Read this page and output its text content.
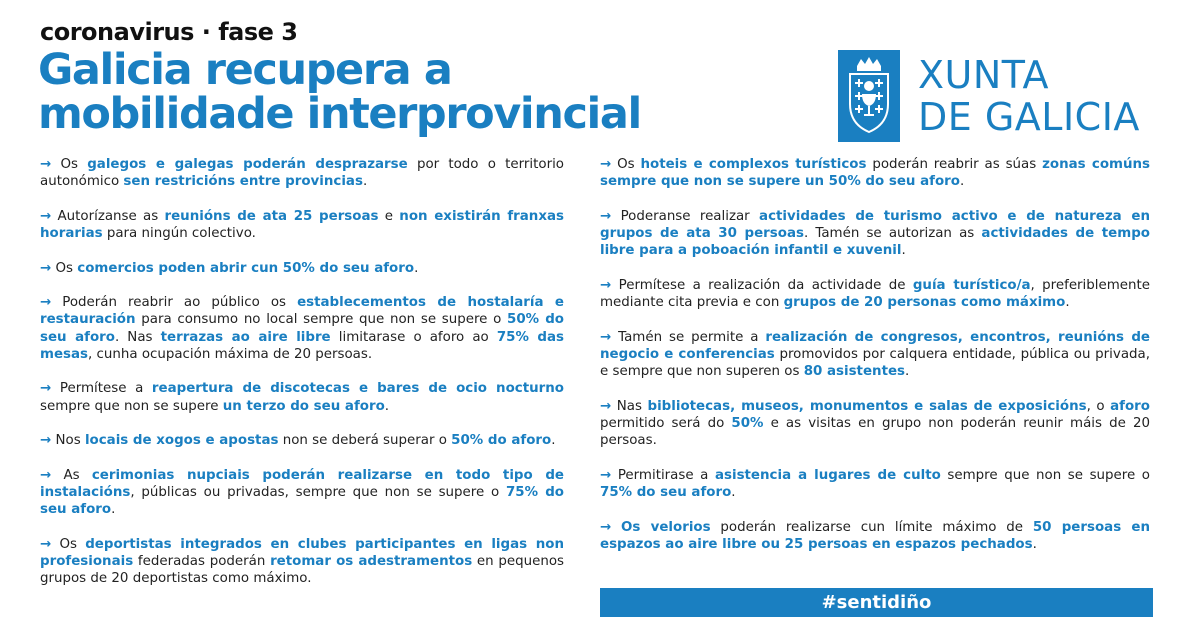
coronavirus · fase 3
Galicia recupera a
mobilidade interprovincial
XUNTA
DE GALICIA

→ Os galegos e galegas poderán desprazarse por todo o territorio autonómico sen restricións entre provincias.

→ Autorízanse as reunións de ata 25 persoas e non existirán franxas horarias para ningún colectivo.

→ Os comercios poden abrir cun 50% do seu aforo.

→ Poderán reabrir ao público os establecementos de hostalaría e restauración para consumo no local sempre que non se supere o 50% do seu aforo. Nas terrazas ao aire libre limitarase o aforo ao 75% das mesas, cunha ocupación máxima de 20 persoas.

→ Permítese a reapertura de discotecas e bares de ocio nocturno sempre que non se supere un terzo do seu aforo.

→ Nos locais de xogos e apostas non se deberá superar o 50% do aforo.

→ As cerimonias nupciais poderán realizarse en todo tipo de instalacións, públicas ou privadas, sempre que non se supere o 75% do seu aforo.

→ Os deportistas integrados en clubes participantes en ligas non profesionais federadas poderán retomar os adestramentos en pequenos grupos de 20 deportistas como máximo.

→ Os hoteis e complexos turísticos poderán reabrir as súas zonas comúns sempre que non se supere un 50% do seu aforo.

→ Poderanse realizar actividades de turismo activo e de natureza en grupos de ata 30 persoas. Tamén se autorizan as actividades de tempo libre para a poboación infantil e xuvenil.

→ Permítese a realización da actividade de guía turístico/a, preferiblemente mediante cita previa e con grupos de 20 personas como máximo.

→ Tamén se permite a realización de congresos, encontros, reunións de negocio e conferencias promovidos por calquera entidade, pública ou privada, e sempre que non superen os 80 asistentes.

→ Nas bibliotecas, museos, monumentos e salas de exposicións, o aforo permitido será do 50% e as visitas en grupo non poderán reunir máis de 20 persoas.

→ Permitirase a asistencia a lugares de culto sempre que non se supere o 75% do seu aforo.

→ Os velorios poderán realizarse cun límite máximo de 50 persoas en espazos ao aire libre ou 25 persoas en espazos pechados.

#sentidiño
